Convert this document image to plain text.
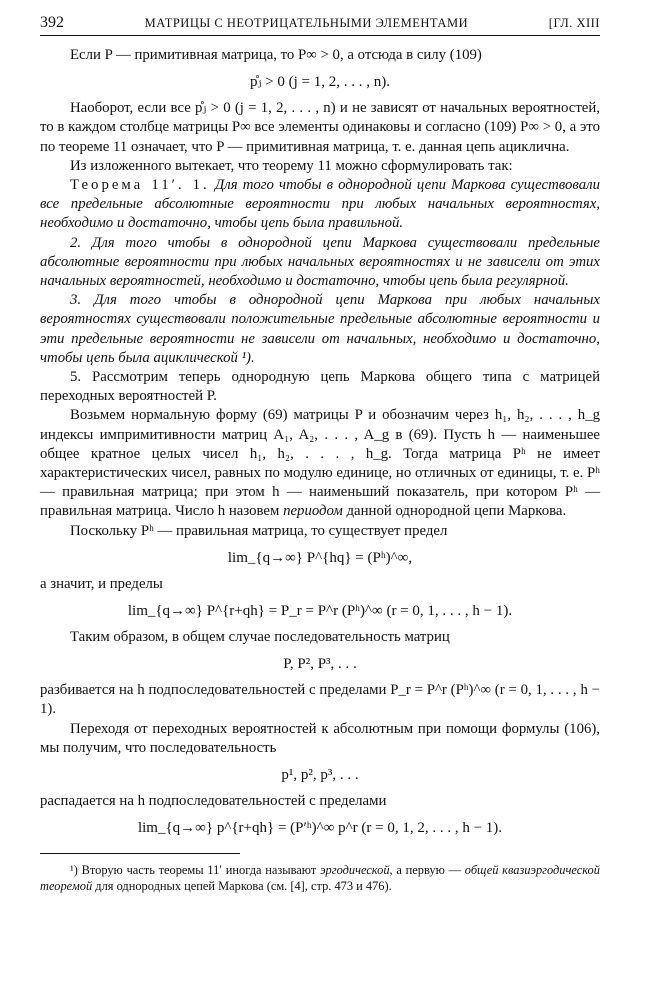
392	МАТРИЦЫ С НЕОТРИЦАТЕЛЬНЫМИ ЭЛЕМЕНТАМИ	[ГЛ. XIII

Если P — примитивная матрица, то P∞ > 0, а отсюда в силу (109)

p̊ⱼ > 0 (j = 1, 2, . . . , n).

Наоборот, если все p̊ⱼ > 0 (j = 1, 2, . . . , n) и не зависят от начальных вероятностей, то в каждом столбце матрицы P∞ все элементы одинаковы и согласно (109) P∞ > 0, а это по теореме 11 означает, что P — примитивная матрица, т. е. данная цепь ациклична.

Из изложенного вытекает, что теорему 11 можно сформулировать так:

Теорема 11′. 1. Для того чтобы в однородной цепи Маркова существовали все предельные абсолютные вероятности при любых начальных вероятностях, необходимо и достаточно, чтобы цепь была правильной.

2. Для того чтобы в однородной цепи Маркова существовали предельные абсолютные вероятности при любых начальных вероятностях и не зависели от этих начальных вероятностей, необходимо и достаточно, чтобы цепь была регулярной.

3. Для того чтобы в однородной цепи Маркова при любых начальных вероятностях существовали положительные предельные абсолютные вероятности и эти предельные вероятности не зависели от начальных, необходимо и достаточно, чтобы цепь была ациклической ¹).

5. Рассмотрим теперь однородную цепь Маркова общего типа с матрицей переходных вероятностей P.

Возьмем нормальную форму (69) матрицы P и обозначим через h₁, h₂, . . . , h_g индексы импримитивности матриц A₁, A₂, . . . , A_g в (69). Пусть h — наименьшее общее кратное целых чисел h₁, h₂, . . . , h_g. Тогда матрица Pʰ не имеет характеристических чисел, равных по модулю единице, но отличных от единицы, т. е. Pʰ — правильная матрица; при этом h — наименьший показатель, при котором Pʰ — правильная матрица. Число h назовем периодом данной однородной цепи Маркова.

Поскольку Pʰ — правильная матрица, то существует предел

lim_{q→∞} P^{hq} = (Pʰ)^∞,

а значит, и пределы

lim_{q→∞} P^{r+qh} = P_r = P^r (Pʰ)^∞ (r = 0, 1, . . . , h − 1).

Таким образом, в общем случае последовательность матриц

P, P², P³, . . .

разбивается на h подпоследовательностей с пределами P_r = P^r (Pʰ)^∞ (r = 0, 1, . . . , h − 1).

Переходя от переходных вероятностей к абсолютным при помощи формулы (106), мы получим, что последовательность

p¹, p², p³, . . .

распадается на h подпоследовательностей с пределами

lim_{q→∞} p^{r+qh} = (P′ʰ)^∞ p^r (r = 0, 1, 2, . . . , h − 1).

¹) Вторую часть теоремы 11′ иногда называют эргодической, а первую — общей квазиэргодической теоремой для однородных цепей Маркова (см. [4], стр. 473 и 476).
